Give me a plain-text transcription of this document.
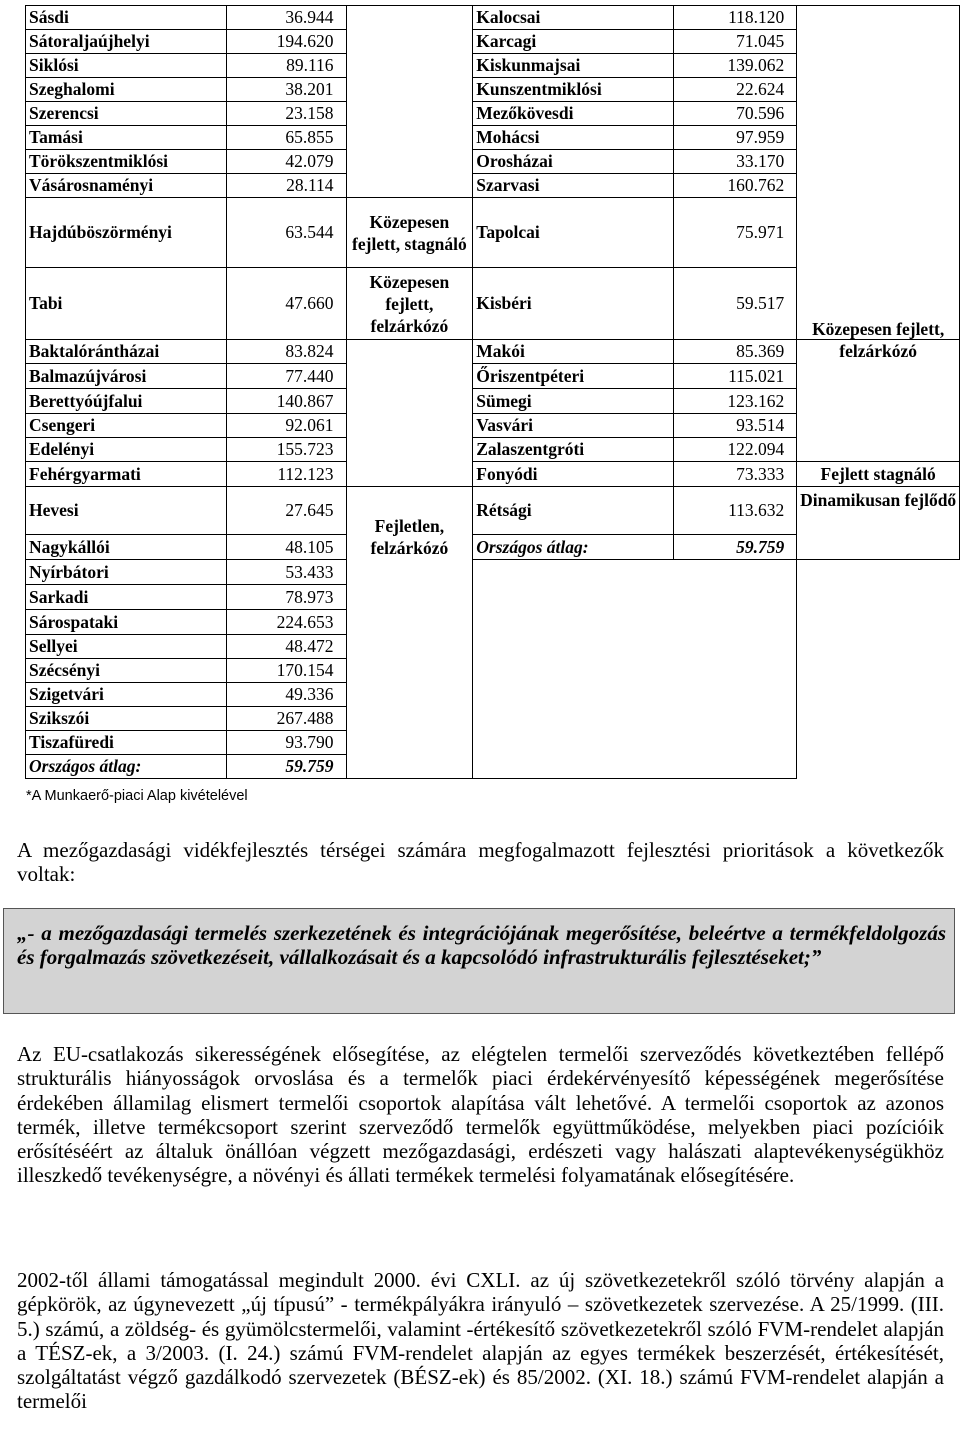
Sásdi	36.944		Kalocsai	118.120	
Sátoraljaújhelyi	194.620		Karcagi	71.045	
Siklósi	89.116		Kiskunmajsai	139.062	
Szeghalomi	38.201		Kunszentmiklósi	22.624	
Szerencsi	23.158		Mezőkövesdi	70.596	
Tamási	65.855		Mohácsi	97.959	
Törökszentmiklósi	42.079		Orosházai	33.170	
Vásárosnaményi	28.114		Szarvasi	160.762	
Hajdúböszörményi	63.544	Közepesen fejlett, stagnáló	Tapolcai	75.971	
Tabi	47.660	Közepesen fejlett, felzárkózó	Kisbéri	59.517	
Baktalórántházai	83.824		Makói	85.369	Közepesen fejlett, felzárkózó
Balmazújvárosi	77.440		Őriszentpéteri	115.021	
Berettyóújfalui	140.867		Sümegi	123.162	
Csengeri	92.061		Vasvári	93.514	
Edelényi	155.723		Zalaszentgróti	122.094	
Fehérgyarmati	112.123		Fonyódi	73.333	Fejlett stagnáló
Hevesi	27.645	Fejletlen, felzárkózó	Rétsági	113.632	Dinamikusan fejlődő
Nagykállói	48.105		Országos átlag:	59.759	
Nyírbátori	53.433				
Sarkadi	78.973				
Sárospataki	224.653				
Sellyei	48.472				
Szécsényi	170.154				
Szigetvári	49.336				
Szikszói	267.488				
Tiszafüredi	93.790				
Országos átlag:	59.759				
*A Munkaerő-piaci Alap kivételével
A mezőgazdasági vidékfejlesztés térségei számára megfogalmazott fejlesztési prioritások a következők voltak:

„- a mezőgazdasági termelés szerkezetének és integrációjának megerősítése, beleértve a termékfeldolgozás és forgalmazás szövetkezéseit, vállalkozásait és a kapcsolódó infrastrukturális fejlesztéseket;”

Az EU-csatlakozás sikerességének elősegítése, az elégtelen termelői szerveződés következtében fellépő strukturális hiányosságok orvoslása és a termelők piaci érdekérvényesítő képességének megerősítése érdekében államilag elismert termelői csoportok alapítása vált lehetővé. A termelői csoportok az azonos termék, illetve termékcsoport szerint szerveződő termelők együttműködése, melyekben piaci pozícióik erősítéséért az általuk önállóan végzett mezőgazdasági, erdészeti vagy halászati alaptevékenységükhöz illeszkedő tevékenységre, a növényi és állati termékek termelési folyamatának elősegítésére.
2002-től állami támogatással megindult 2000. évi CXLI. az új szövetkezetekről szóló törvény alapján a gépkörök, az úgynevezett „új típusú” - termékpályákra irányuló – szövetkezetek szervezése. A 25/1999. (III. 5.) számú, a zöldség- és gyümölcstermelői, valamint -értékesítő szövetkezetekről szóló FVM-rendelet alapján a TÉSZ-ek, a 3/2003. (I. 24.) számú FVM-rendelet alapján az egyes termékek beszerzését, értékesítését, szolgáltatást végző gazdálkodó szervezetek (BÉSZ-ek) és 85/2002. (XI. 18.) számú FVM-rendelet alapján a termelői
